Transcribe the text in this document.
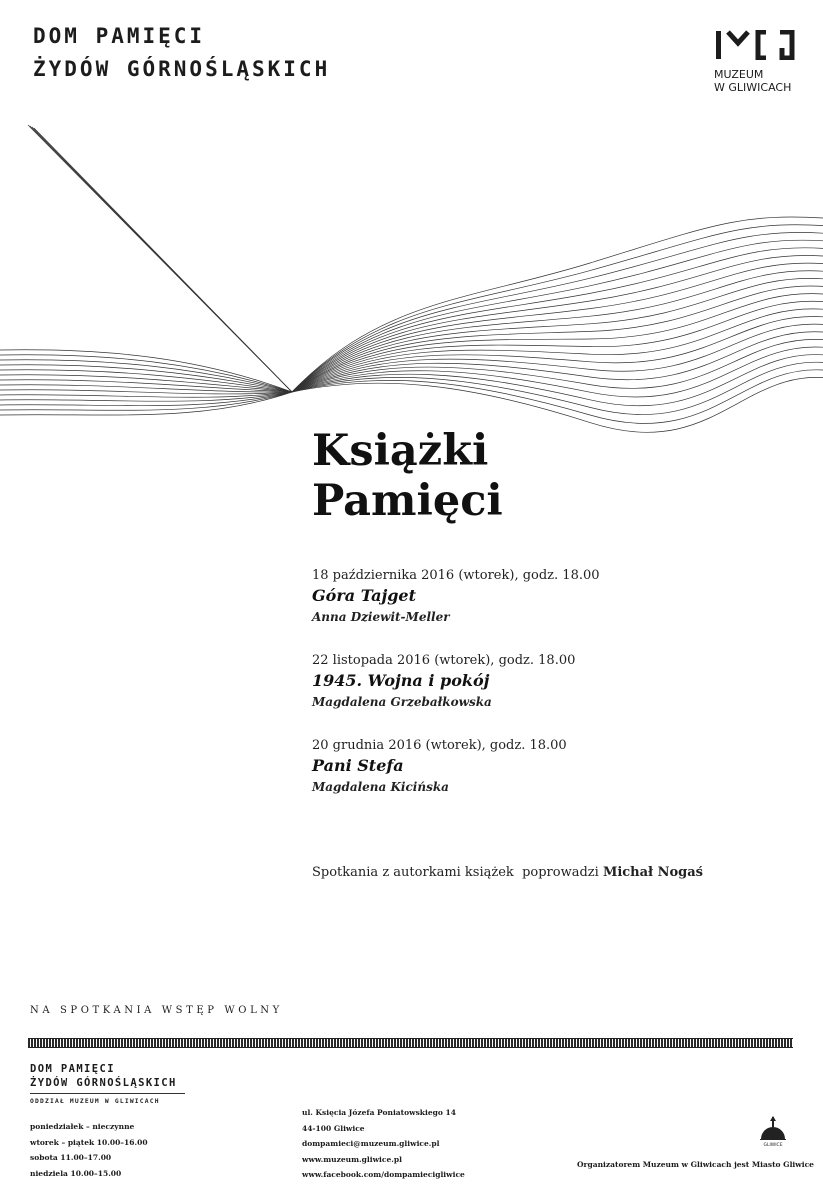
DOM PAMIĘCI
ŻYDÓW GÓRNOŚLĄSKICH	MUZEUM
W GLIWICACH
Książki
Pamięci
18 października 2016 (wtorek), godz. 18.00
Góra Tajget
Anna Dziewit-Meller
22 listopada 2016 (wtorek), godz. 18.00
1945. Wojna i pokój
Magdalena Grzebałkowska
20 grudnia 2016 (wtorek), godz. 18.00
Pani Stefa
Magdalena Kicińska
Spotkania z autorkami książek  poprowadzi Michał Nogaś
NA SPOTKANIA WSTĘP WOLNY
DOM PAMIĘCI
ŻYDÓW GÓRNOŚLĄSKICH
ODDZIAŁ MUZEUM W GLIWICACH
poniedziałek – nieczynne
wtorek – piątek 10.00–16.00
sobota 11.00–17.00
niedziela 10.00–15.00
ul. Księcia Józefa Poniatowskiego 14
44-100 Gliwice
dompamieci@muzeum.gliwice.pl
www.muzeum.gliwice.pl
www.facebook.com/dompamiecigliwice
GLIWICE
Organizatorem Muzeum w Gliwicach jest Miasto Gliwice
